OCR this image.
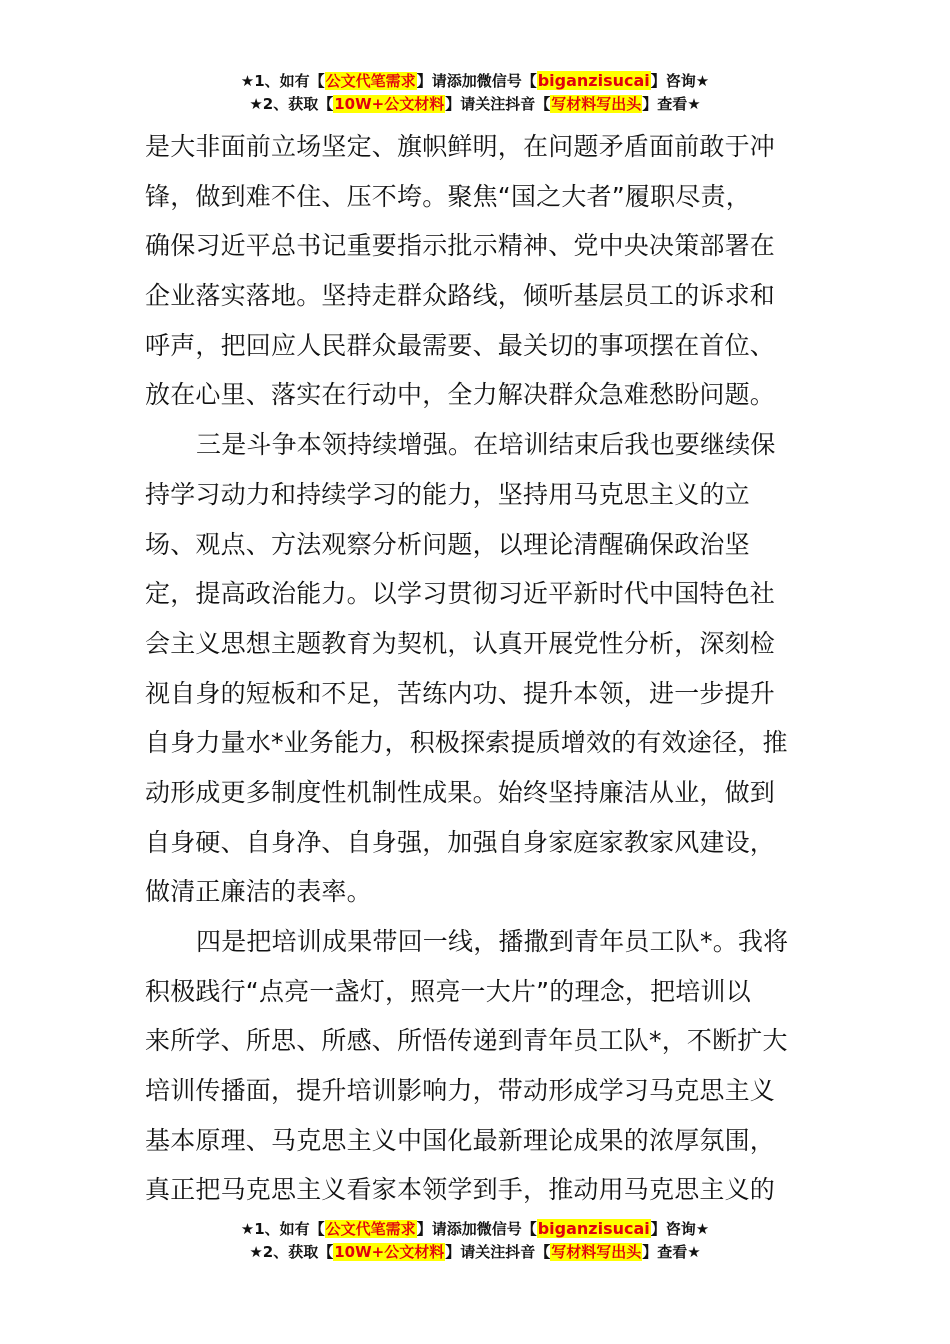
★1、如有【公文代笔需求】请添加微信号【biganzisucai】咨询★
★2、获取【10W+公文材料】请关注抖音【写材料写出头】查看★
是大非面前立场坚定、旗帜鲜明，在问题矛盾面前敢于冲
锋，做到难不住、压不垮。聚焦“国之大者”履职尽责，
确保习近平总书记重要指示批示精神、党中央决策部署在
企业落实落地。坚持走群众路线，倾听基层员工的诉求和
呼声，把回应人民群众最需要、最关切的事项摆在首位、
放在心里、落实在行动中，全力解决群众急难愁盼问题。
三是斗争本领持续增强。在培训结束后我也要继续保
持学习动力和持续学习的能力，坚持用马克思主义的立
场、观点、方法观察分析问题，以理论清醒确保政治坚
定，提高政治能力。以学习贯彻习近平新时代中国特色社
会主义思想主题教育为契机，认真开展党性分析，深刻检
视自身的短板和不足，苦练内功、提升本领，进一步提升
自身力量水*业务能力，积极探索提质增效的有效途径，推
动形成更多制度性机制性成果。始终坚持廉洁从业，做到
自身硬、自身净、自身强，加强自身家庭家教家风建设，
做清正廉洁的表率。
四是把培训成果带回一线，播撒到青年员工队*。我将
积极践行“点亮一盏灯，照亮一大片”的理念，把培训以
来所学、所思、所感、所悟传递到青年员工队*，不断扩大
培训传播面，提升培训影响力，带动形成学习马克思主义
基本原理、马克思主义中国化最新理论成果的浓厚氛围，
真正把马克思主义看家本领学到手，推动用马克思主义的
★1、如有【公文代笔需求】请添加微信号【biganzisucai】咨询★
★2、获取【10W+公文材料】请关注抖音【写材料写出头】查看★
